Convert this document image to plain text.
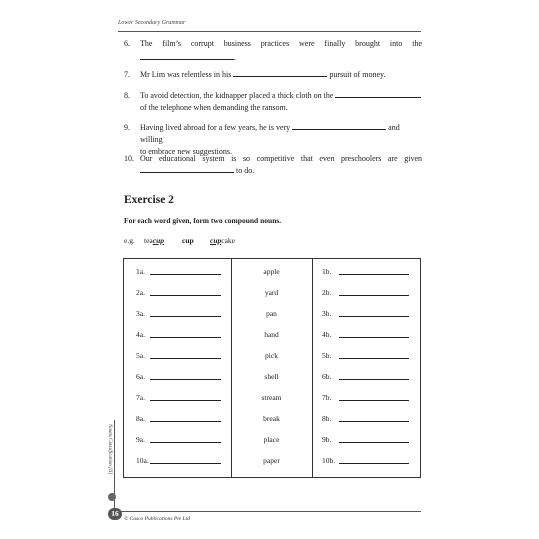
Lower Secondary Grammar
6. The film’s corrupt business practices were finally brought into the
.
7. Mr Lim was relentless in his	pursuit of money.
8. To avoid detection, the kidnapper placed a thick cloth on the
of the telephone when demanding the ransom.
9. Having lived abroad for a few years, he is very	and willing
to embrace new suggestions.
10. Our educational system is so competitive that even preschoolers are given
to do.
Exercise 2
For each word given, form two compound nouns.
e.g. teacup cup cupcake
1a.	apple	1b.
2a.	yard	2b.
3a.	pan	3b.
4a.	hand	4b.
5a.	pick	5b.
6a.	shell	6b.
7a.	stream	7b.
8a.	break	8b.
9a.	place	9b.
10a.	paper	10b.
Nouns Classification [II]
16
© Casco Publications Pte Ltd
